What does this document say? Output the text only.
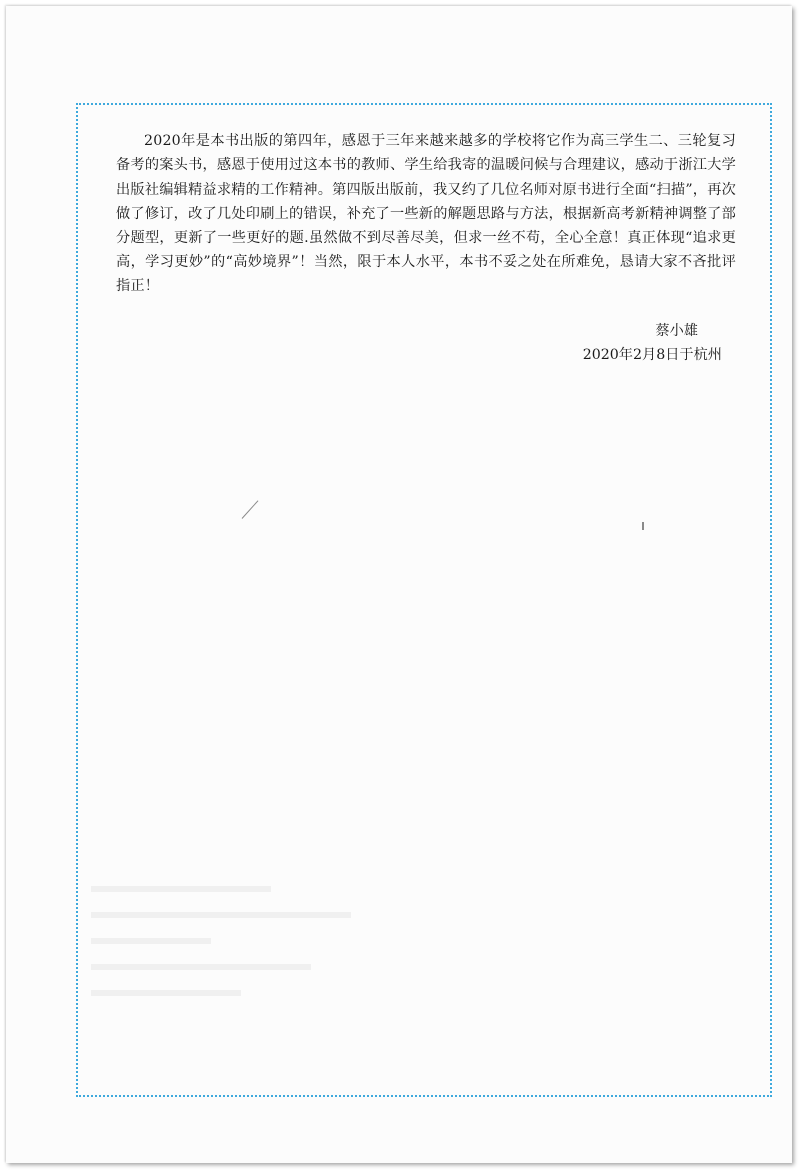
2020年是本书出版的第四年，感恩于三年来越来越多的学校将它作为高三学生二、三轮复习备考的案头书，感恩于使用过这本书的教师、学生给我寄的温暖问候与合理建议，感动于浙江大学出版社编辑精益求精的工作精神。第四版出版前，我又约了几位名师对原书进行全面“扫描”，再次做了修订，改了几处印刷上的错误，补充了一些新的解题思路与方法，根据新高考新精神调整了部分题型，更新了一些更好的题.虽然做不到尽善尽美，但求一丝不苟，全心全意！真正体现“追求更高，学习更妙”的“高妙境界”！当然，限于本人水平，本书不妥之处在所难免，恳请大家不吝批评指正！

蔡小雄
2020年2月8日于杭州
